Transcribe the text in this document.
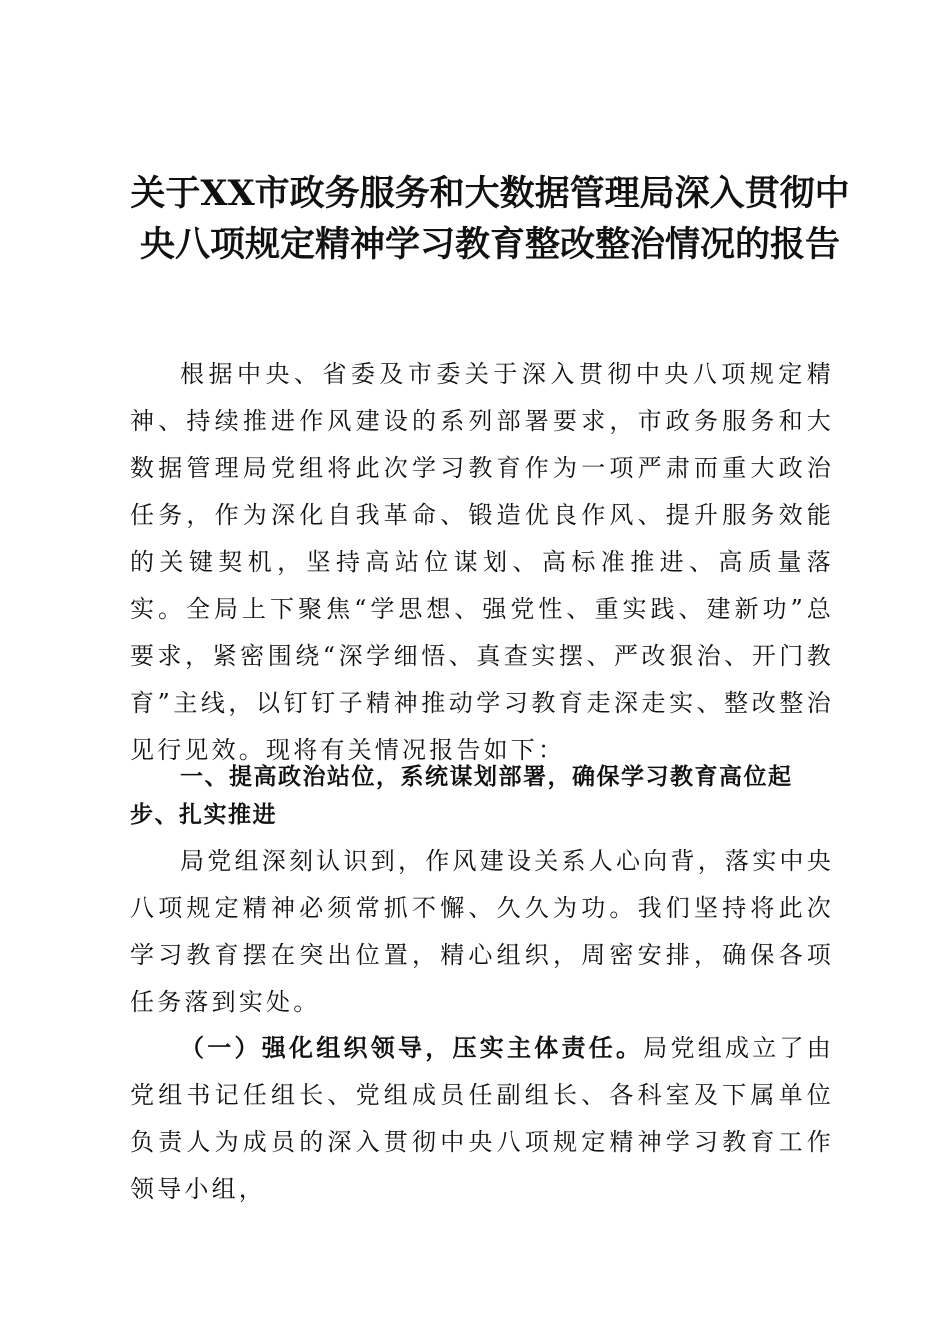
关于XX市政务服务和大数据管理局深入贯彻中央八项规定精神学习教育整改整治情况的报告

根据中央、省委及市委关于深入贯彻中央八项规定精神、持续推进作风建设的系列部署要求，市政务服务和大数据管理局党组将此次学习教育作为一项严肃而重大政治任务，作为深化自我革命、锻造优良作风、提升服务效能的关键契机，坚持高站位谋划、高标准推进、高质量落实。全局上下聚焦“学思想、强党性、重实践、建新功”总要求，紧密围绕“深学细悟、真查实摆、严改狠治、开门教育”主线，以钉钉子精神推动学习教育走深走实、整改整治见行见效。现将有关情况报告如下：

一、提高政治站位，系统谋划部署，确保学习教育高位起步、扎实推进

局党组深刻认识到，作风建设关系人心向背，落实中央八项规定精神必须常抓不懈、久久为功。我们坚持将此次学习教育摆在突出位置，精心组织，周密安排，确保各项任务落到实处。

（一）强化组织领导，压实主体责任。局党组成立了由党组书记任组长、党组成员任副组长、各科室及下属单位负责人为成员的深入贯彻中央八项规定精神学习教育工作领导小组，
